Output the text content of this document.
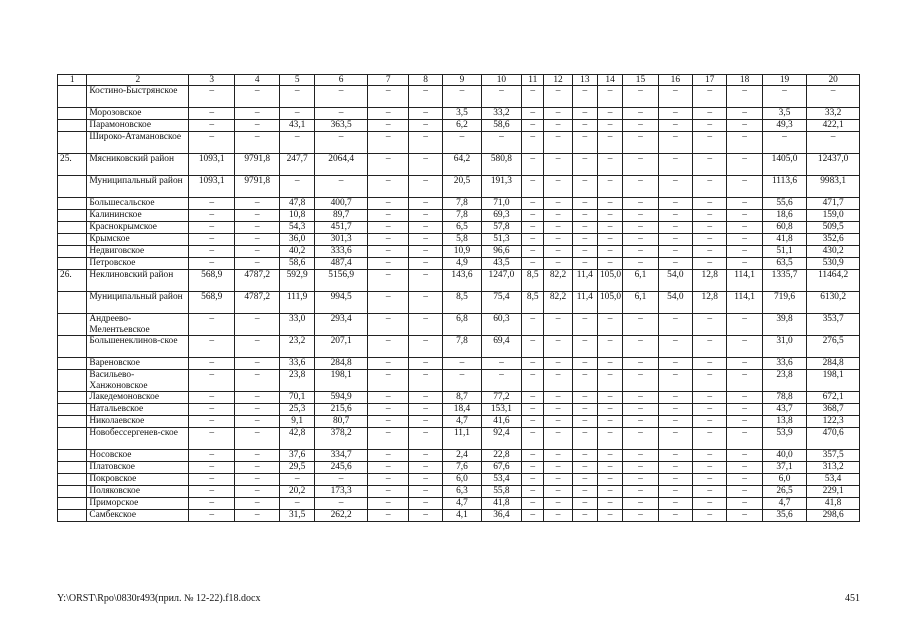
1	2	3	4	5	6	7	8	9	10	11	12	13	14	15	16	17	18	19	20
	Костино-Быстрянское	–	–	–	–	–	–	–	–	–	–	–	–	–	–	–	–	–	–
	Морозовское	–	–	–	–	–	–	3,5	33,2	–	–	–	–	–	–	–	–	3,5	33,2
	Парамоновское	–	–	43,1	363,5	–	–	6,2	58,6	–	–	–	–	–	–	–	–	49,3	422,1
	Широко-Атамановское	–	–	–	–	–	–	–	–	–	–	–	–	–	–	–	–	–	–
25.	Мясниковский район	1093,1	9791,8	247,7	2064,4	–	–	64,2	580,8	–	–	–	–	–	–	–	–	1405,0	12437,0
	Муниципальный район	1093,1	9791,8	–	–	–	–	20,5	191,3	–	–	–	–	–	–	–	–	1113,6	9983,1
	Большесальское	–	–	47,8	400,7	–	–	7,8	71,0	–	–	–	–	–	–	–	–	55,6	471,7
	Калининское	–	–	10,8	89,7	–	–	7,8	69,3	–	–	–	–	–	–	–	–	18,6	159,0
	Краснокрымское	–	–	54,3	451,7	–	–	6,5	57,8	–	–	–	–	–	–	–	–	60,8	509,5
	Крымское	–	–	36,0	301,3	–	–	5,8	51,3	–	–	–	–	–	–	–	–	41,8	352,6
	Недвиговское	–	–	40,2	333,6	–	–	10,9	96,6	–	–	–	–	–	–	–	–	51,1	430,2
	Петровское	–	–	58,6	487,4	–	–	4,9	43,5	–	–	–	–	–	–	–	–	63,5	530,9
26.	Неклиновский район	568,9	4787,2	592,9	5156,9	–	–	143,6	1247,0	8,5	82,2	11,4	105,0	6,1	54,0	12,8	114,1	1335,7	11464,2
	Муниципальный район	568,9	4787,2	111,9	994,5	–	–	8,5	75,4	8,5	82,2	11,4	105,0	6,1	54,0	12,8	114,1	719,6	6130,2
	Андреево-Мелентьевское	–	–	33,0	293,4	–	–	6,8	60,3	–	–	–	–	–	–	–	–	39,8	353,7
	Большенеклинов-ское	–	–	23,2	207,1	–	–	7,8	69,4	–	–	–	–	–	–	–	–	31,0	276,5
	Вареновское	–	–	33,6	284,8	–	–	–	–	–	–	–	–	–	–	–	–	33,6	284,8
	Васильево-Ханжоновское	–	–	23,8	198,1	–	–	–	–	–	–	–	–	–	–	–	–	23,8	198,1
	Лакедемоновское	–	–	70,1	594,9	–	–	8,7	77,2	–	–	–	–	–	–	–	–	78,8	672,1
	Натальевское	–	–	25,3	215,6	–	–	18,4	153,1	–	–	–	–	–	–	–	–	43,7	368,7
	Николаевское	–	–	9,1	80,7	–	–	4,7	41,6	–	–	–	–	–	–	–	–	13,8	122,3
	Новобессергенев-ское	–	–	42,8	378,2	–	–	11,1	92,4	–	–	–	–	–	–	–	–	53,9	470,6
	Носовское	–	–	37,6	334,7	–	–	2,4	22,8	–	–	–	–	–	–	–	–	40,0	357,5
	Платовское	–	–	29,5	245,6	–	–	7,6	67,6	–	–	–	–	–	–	–	–	37,1	313,2
	Покровское	–	–	–	–	–	–	6,0	53,4	–	–	–	–	–	–	–	–	6,0	53,4
	Поляковское	–	–	20,2	173,3	–	–	6,3	55,8	–	–	–	–	–	–	–	–	26,5	229,1
	Приморское	–	–	–	–	–	–	4,7	41,8	–	–	–	–	–	–	–	–	4,7	41,8
	Самбекское	–	–	31,5	262,2	–	–	4,1	36,4	–	–	–	–	–	–	–	–	35,6	298,6
Y:\ORST\Rpo\0830r493(прил. № 12-22).f18.docx	451
